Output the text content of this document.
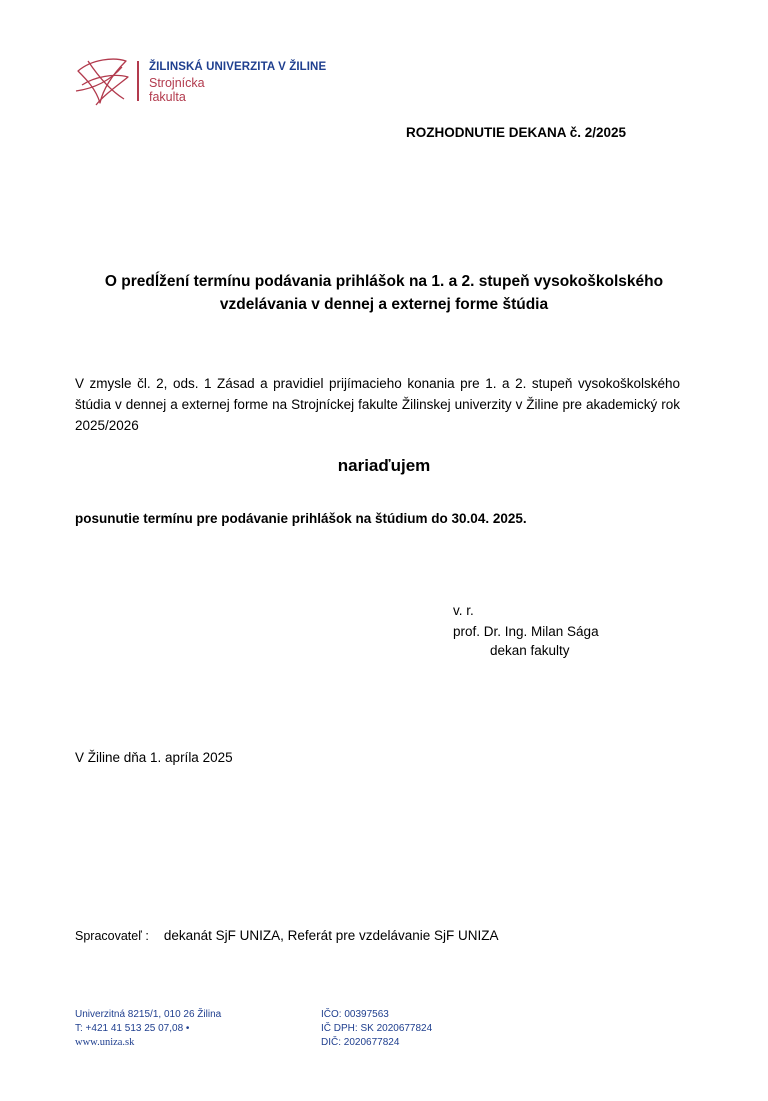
ŽILINSKÁ UNIVERZITA V ŽILINE
Strojnícka
fakulta
ROZHODNUTIE DEKANA č. 2/2025
O predĺžení termínu podávania prihlášok na 1. a 2. stupeň vysokoškolského
vzdelávania v dennej a externej forme štúdia
V zmysle čl. 2, ods. 1 Zásad a pravidiel prijímacieho konania pre 1. a 2. stupeň vysokoškolského štúdia v dennej a externej forme na Strojníckej fakulte Žilinskej univerzity v Žiline pre akademický rok 2025/2026
nariaďujem
posunutie termínu pre podávanie prihlášok na štúdium do 30.04. 2025.
v. r.
prof. Dr. Ing. Milan Sága
dekan fakulty
V Žiline dňa 1. apríla 2025
Spracovateľ : dekanát SjF UNIZA, Referát pre vzdelávanie SjF UNIZA
Univerzitná 8215/1, 010 26 Žilina
T: +421 41 513 25 07,08 •
www.uniza.sk
IČO: 00397563
IČ DPH: SK 2020677824
DIČ: 2020677824
